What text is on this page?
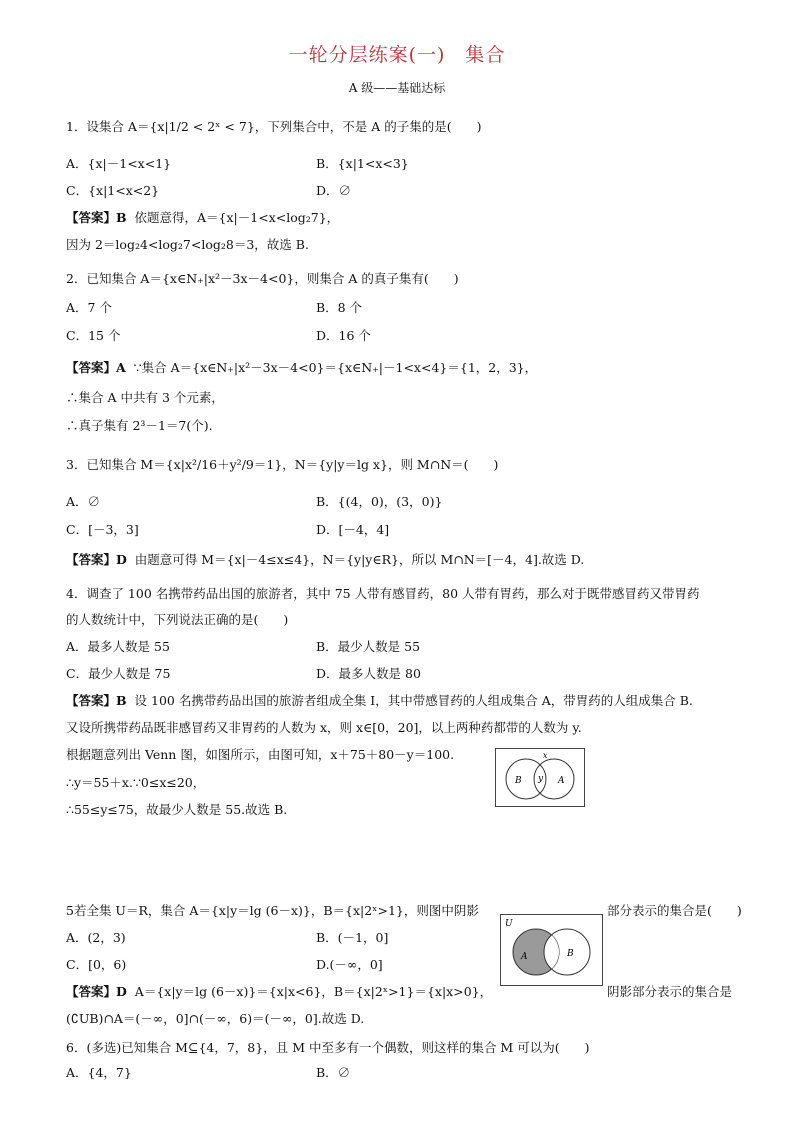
一轮分层练案(一)　集合
A 级——基础达标
1．设集合 A＝{x|1/2 < 2ˣ < 7}，下列集合中，不是 A 的子集的是(　　)
A．{x|－1<x<1}	B．{x|1<x<3}
C．{x|1<x<2}	D．∅
【答案】B 依题意得，A＝{x|－1<x<log₂7}，
因为 2＝log₂4<log₂7<log₂8＝3，故选 B.
2．已知集合 A＝{x∈N₊|x²－3x－4<0}，则集合 A 的真子集有(　　)
A．7 个	B．8 个
C．15 个	D．16 个
【答案】A ∵集合 A＝{x∈N₊|x²－3x－4<0}＝{x∈N₊|－1<x<4}＝{1，2，3}，
∴集合 A 中共有 3 个元素，
∴真子集有 2³－1＝7(个).
3．已知集合 M＝{x|x²/16＋y²/9＝1}，N＝{y|y＝lg x}，则 M∩N＝(　　)
A．∅	B．{(4，0)，(3，0)}
C．[－3，3]	D．[－4，4]
【答案】D 由题意可得 M＝{x|－4≤x≤4}，N＝{y|y∈R}，所以 M∩N＝[－4，4].故选 D.
4．调查了 100 名携带药品出国的旅游者，其中 75 人带有感冒药，80 人带有胃药，那么对于既带感冒药又带胃药
的人数统计中，下列说法正确的是(　　)
A．最多人数是 55	B．最少人数是 55
C．最少人数是 75	D．最多人数是 80
【答案】B 设 100 名携带药品出国的旅游者组成全集 I，其中带感冒药的人组成集合 A，带胃药的人组成集合 B.
又设所携带药品既非感冒药又非胃药的人数为 x，则 x∈[0，20]，以上两种药都带的人数为 y.
根据题意列出 Venn 图，如图所示，由图可知，x＋75＋80－y＝100.
∴y＝55＋x.∵0≤x≤20，
∴55≤y≤75，故最少人数是 55.故选 B.
B	A
y
x
5若全集 U＝R，集合 A＝{x|y＝lg (6－x)}，B＝{x|2ˣ>1}，则图中阴影	部分表示的集合是(　　)
A．(2，3)	B．(－1，0]
C．[0，6)	D.(－∞，0]
【答案】D A＝{x|y＝lg (6－x)}＝{x|x<6}，B＝{x|2ˣ>1}＝{x|x>0}，	阴影部分表示的集合是
(∁UB)∩A＝(－∞，0]∩(－∞，6)＝(－∞，0].故选 D.
U
A	B
6．(多选)已知集合 M⊆{4，7，8}，且 M 中至多有一个偶数，则这样的集合 M 可以为(　　)
A．{4，7}	B．∅
